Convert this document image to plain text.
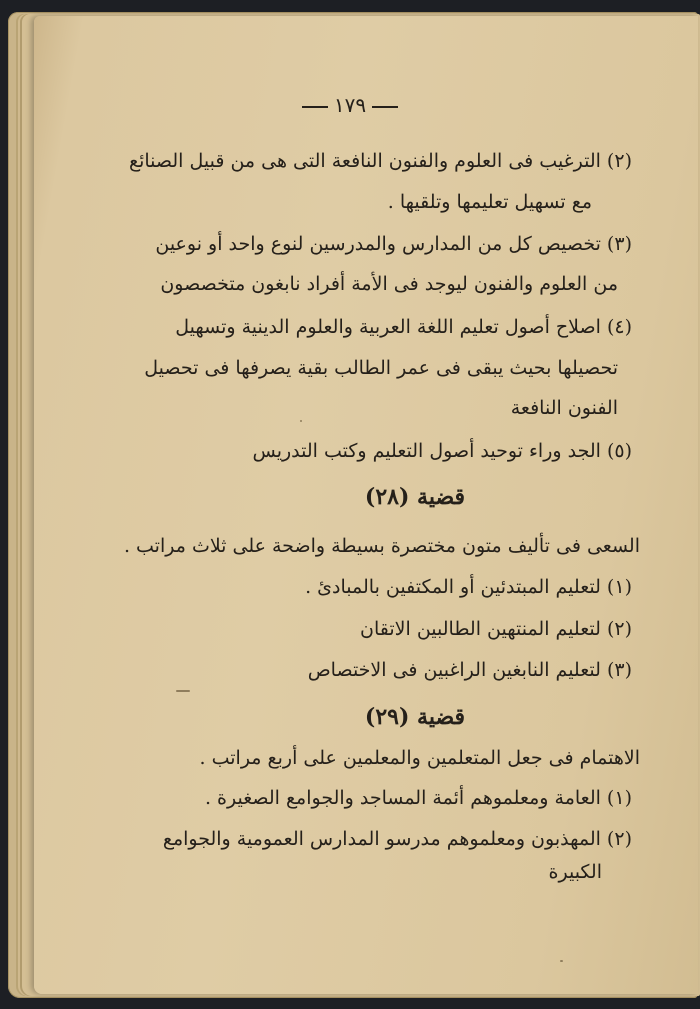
١٧٩
(٢) الترغيب فى العلوم والفنون النافعة التى هى من قبيل الصنائع
مع تسهيل تعليمها وتلقيها .
(٣) تخصيص كل من المدارس والمدرسين لنوع واحد أو نوعين
من العلوم والفنون ليوجد فى الأمة أفراد نابغون متخصصون
(٤) اصلاح أصول تعليم اللغة العربية والعلوم الدينية وتسهيل
تحصيلها بحيث يبقى فى عمر الطالب بقية يصرفها فى تحصيل
الفنون النافعة
(٥) الجد وراء توحيد أصول التعليم وكتب التدريس
قضية (٢٨)
السعى فى تأليف متون مختصرة بسيطة واضحة على ثلاث مراتب .
(١) لتعليم المبتدئين أو المكتفين بالمبادئ .
(٢) لتعليم المنتهين الطالبين الاتقان
(٣) لتعليم النابغين الراغبين فى الاختصاص
قضية (٢٩)
الاهتمام فى جعل المتعلمين والمعلمين على أربع مراتب .
(١) العامة ومعلموهم أئمة المساجد والجوامع الصغيرة .
(٢) المهذبون ومعلموهم مدرسو المدارس العمومية والجوامع
الكبيرة
